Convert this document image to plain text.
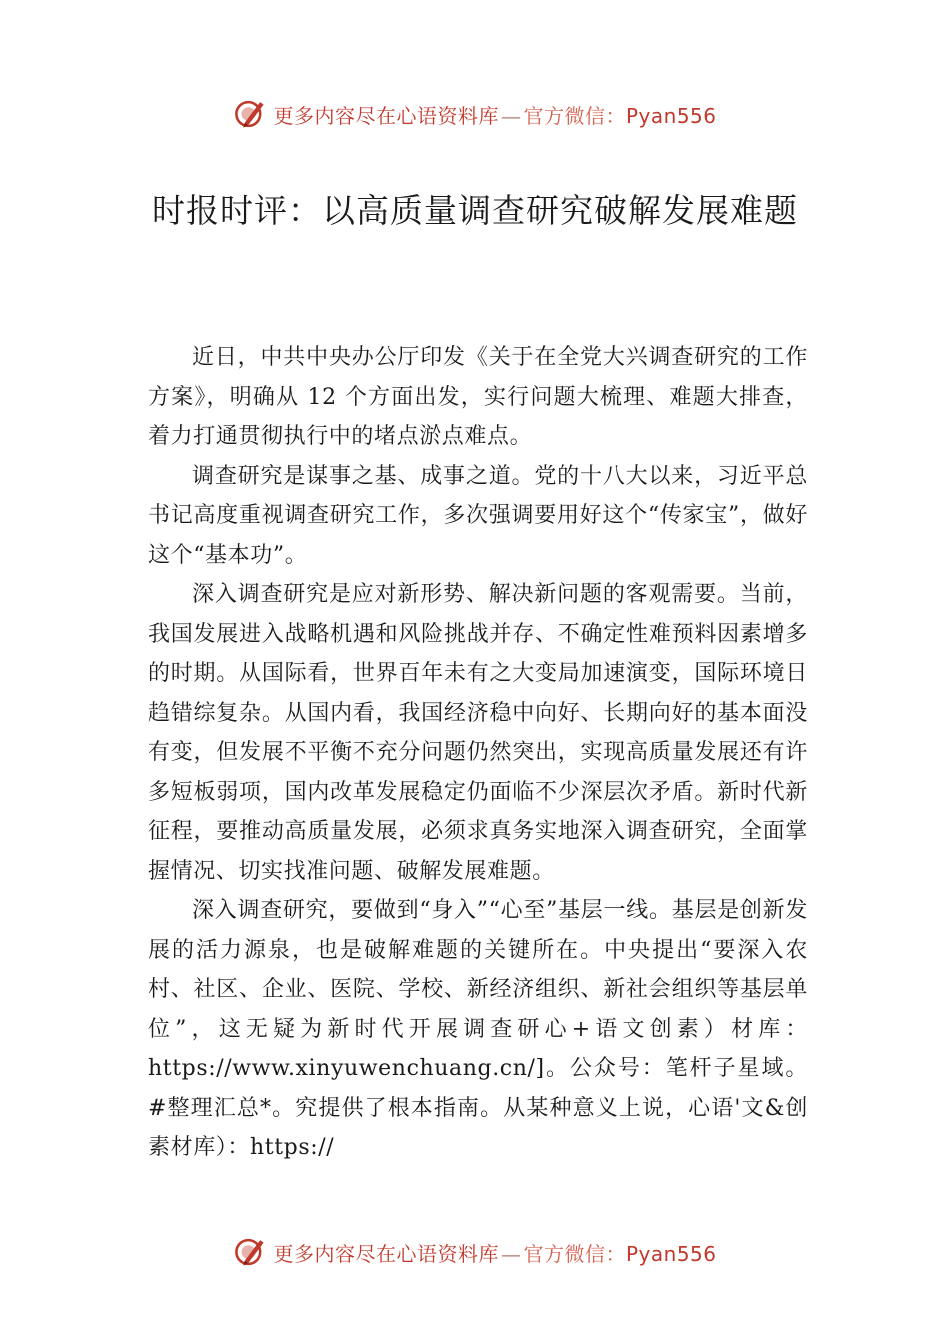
更多内容尽在心语资料库 — 官方微信：Pyan556
时报时评：以高质量调查研究破解发展难题

近日，中共中央办公厅印发《关于在全党大兴调查研究的工作方案》，明确从 12 个方面出发，实行问题大梳理、难题大排查，着力打通贯彻执行中的堵点淤点难点。

调查研究是谋事之基、成事之道。党的十八大以来，习近平总书记高度重视调查研究工作，多次强调要用好这个“传家宝”，做好这个“基本功”。

深入调查研究是应对新形势、解决新问题的客观需要。当前，我国发展进入战略机遇和风险挑战并存、不确定性难预料因素增多的时期。从国际看，世界百年未有之大变局加速演变，国际环境日趋错综复杂。从国内看，我国经济稳中向好、长期向好的基本面没有变，但发展不平衡不充分问题仍然突出，实现高质量发展还有许多短板弱项，国内改革发展稳定仍面临不少深层次矛盾。新时代新征程，要推动高质量发展，必须求真务实地深入调查研究，全面掌握情况、切实找准问题、破解发展难题。

深入调查研究，要做到“身入”“心至”基层一线。基层是创新发展的活力源泉，也是破解难题的关键所在。中央提出“要深入农村、社区、企业、医院、学校、新经济组织、新社会组织等基层单位”，这无疑为新时代开展调查研心+语文创素）材库：https://www.xinyuwenchuang.cn/]。公众号：笔杆子星域。#整理汇总*。究提供了根本指南。从某种意义上说，心语'文&创素材库）：https://

更多内容尽在心语资料库 — 官方微信：Pyan556
